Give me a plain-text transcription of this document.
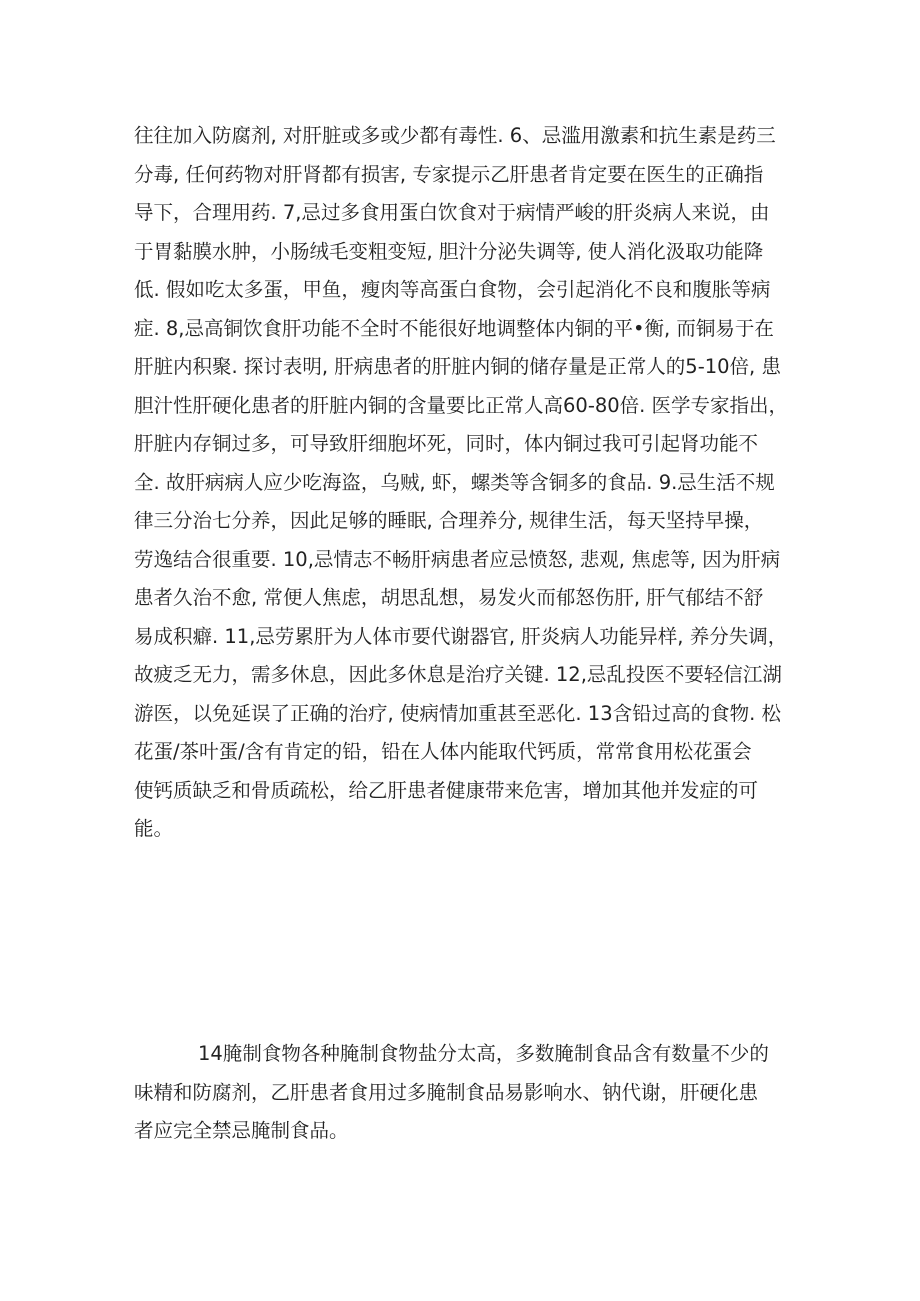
往往加入防腐剂, 对肝脏或多或少都有毒性. 6、忌滥用激素和抗生素是药三
分毒, 任何药物对肝肾都有损害, 专家提示乙肝患者肯定要在医生的正确指
导下，合理用药. 7,忌过多食用蛋白饮食对于病情严峻的肝炎病人来说，由
于胃黏膜水肿，小肠绒毛变粗变短, 胆汁分泌失调等, 使人消化汲取功能降
低. 假如吃太多蛋，甲鱼，瘦肉等高蛋白食物，会引起消化不良和腹胀等病
症. 8,忌高铜饮食肝功能不全时不能很好地调整体内铜的平•衡, 而铜易于在
肝脏内积聚. 探讨表明, 肝病患者的肝脏内铜的储存量是正常人的5-10倍, 患
胆汁性肝硬化患者的肝脏内铜的含量要比正常人高60-80倍. 医学专家指出，
肝脏内存铜过多，可导致肝细胞坏死，同时，体内铜过我可引起肾功能不
全. 故肝病病人应少吃海盗，乌贼, 虾，螺类等含铜多的食品. 9.忌生活不规
律三分治七分养，因此足够的睡眠, 合理养分, 规律生活，每天坚持早操，
劳逸结合很重要. 10,忌情志不畅肝病患者应忌愤怒, 悲观, 焦虑等, 因为肝病
患者久治不愈, 常便人焦虑，胡思乱想，易发火而郁怒伤肝, 肝气郁结不舒
易成积癖. 11,忌劳累肝为人体市要代谢器官, 肝炎病人功能异样, 养分失调，
故疲乏无力，需多休息，因此多休息是治疗关键. 12,忌乱投医不要轻信江湖
游医，以免延误了正确的治疗, 使病情加重甚至恶化. 13含铅过高的食物. 松
花蛋/茶叶蛋/含有肯定的铅，铅在人体内能取代钙质，常常食用松花蛋会
使钙质缺乏和骨质疏松，给乙肝患者健康带来危害，增加其他并发症的可
能。
14腌制食物各种腌制食物盐分太高，多数腌制食品含有数量不少的
味精和防腐剂，乙肝患者食用过多腌制食品易影响水、钠代谢，肝硬化患
者应完全禁忌腌制食品。
